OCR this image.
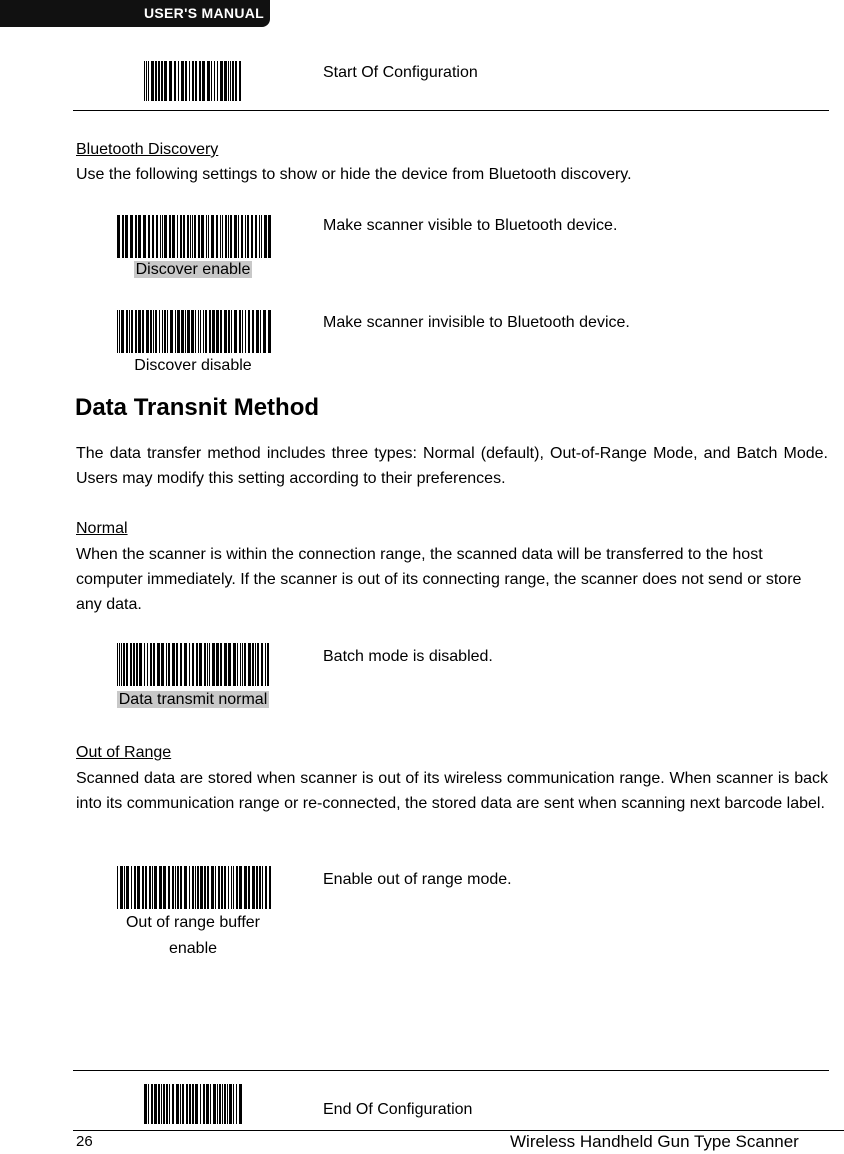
USER'S MANUAL
Start Of Configuration
Bluetooth Discovery
Use the following settings to show or hide the device from Bluetooth discovery.
Discover enable
Make scanner visible to Bluetooth device.
Discover disable
Make scanner invisible to Bluetooth device.
Data Transnit Method
The data transfer method includes three types: Normal (default), Out-of-Range Mode, and Batch Mode. Users may modify this setting according to their preferences.
Normal
When the scanner is within the connection range, the scanned data will be transferred to the host computer immediately. If the scanner is out of its connecting range, the scanner does not send or store any data.
Data transmit normal
Batch mode is disabled.
Out of Range
Scanned data are stored when scanner is out of its wireless communication range. When scanner is back into its communication range or re-connected, the stored data are sent when scanning next barcode label.
Out of range buffer
enable
Enable out of range mode.
End Of Configuration
26	Wireless Handheld Gun Type Scanner
